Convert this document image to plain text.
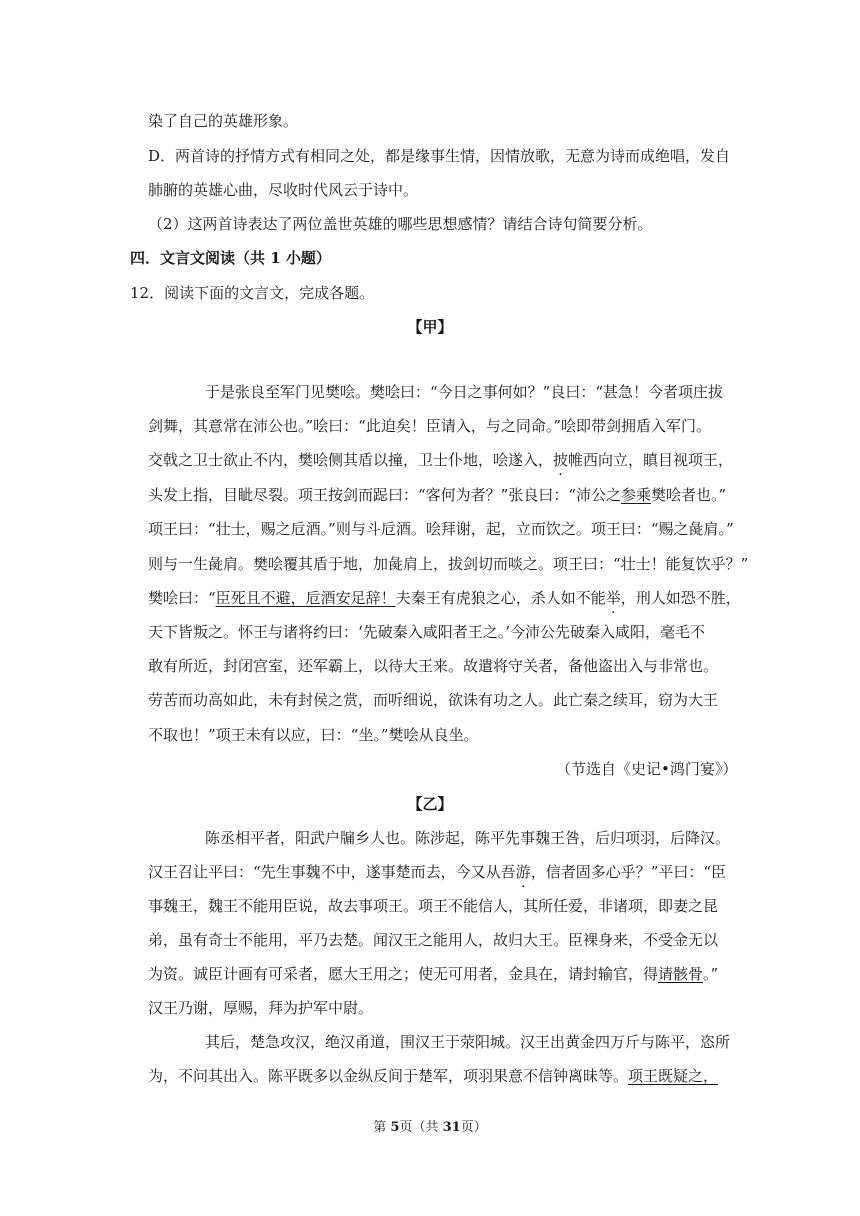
染了自己的英雄形象。
D．两首诗的抒情方式有相同之处，都是缘事生情，因情放歌，无意为诗而成绝唱，发自
肺腑的英雄心曲，尽收时代风云于诗中。
（2）这两首诗表达了两位盖世英雄的哪些思想感情？请结合诗句简要分析。
四．文言文阅读（共 1 小题）
12．阅读下面的文言文，完成各题。
【甲】
于是张良至军门见樊哙。樊哙曰：“今日之事何如？”良曰：“甚急！今者项庄拔
剑舞，其意常在沛公也。”哙曰：“此迫矣！臣请入，与之同命。”哙即带剑拥盾入军门。
交戟之卫士欲止不内，樊哙侧其盾以撞，卫士仆地，哙遂入，披帷西向立，瞋目视项王，
头发上指，目眦尽裂。项王按剑而跽曰：“客何为者？”张良曰：“沛公之参乘樊哙者也。”
项王曰：“壮士，赐之卮酒。”则与斗卮酒。哙拜谢，起，立而饮之。项王曰：“赐之彘肩。”
则与一生彘肩。樊哙覆其盾于地，加彘肩上，拔剑切而啖之。项王曰：“壮士！能复饮乎？”
樊哙曰：“臣死且不避，卮酒安足辞！夫秦王有虎狼之心，杀人如不能举，刑人如恐不胜，
天下皆叛之。怀王与诸将约曰：‘先破秦入咸阳者王之。’今沛公先破秦入咸阳，毫毛不
敢有所近，封闭宫室，还军霸上，以待大王来。故遣将守关者，备他盗出入与非常也。
劳苦而功高如此，未有封侯之赏，而听细说，欲诛有功之人。此亡秦之续耳，窃为大王
不取也！”项王未有以应，曰：“坐。”樊哙从良坐。
（节选自《史记•鸿门宴》）
【乙】
陈丞相平者，阳武户牖乡人也。陈涉起，陈平先事魏王咎，后归项羽，后降汉。
汉王召让平曰：“先生事魏不中，遂事楚而去，今又从吾游，信者固多心乎？”平曰：“臣
事魏王，魏王不能用臣说，故去事项王。项王不能信人，其所任爱，非诸项，即妻之昆
弟，虽有奇士不能用，平乃去楚。闻汉王之能用人，故归大王。臣裸身来，不受金无以
为资。诚臣计画有可采者，愿大王用之；使无可用者，金具在，请封输官，得请骸骨。”
汉王乃谢，厚赐，拜为护军中尉。
其后，楚急攻汉，绝汉甬道，围汉王于荥阳城。汉王出黄金四万斤与陈平，恣所
为，不问其出入。陈平既多以金纵反间于楚军，项羽果意不信钟离昧等。项王既疑之，
第 5页（共 31页）
